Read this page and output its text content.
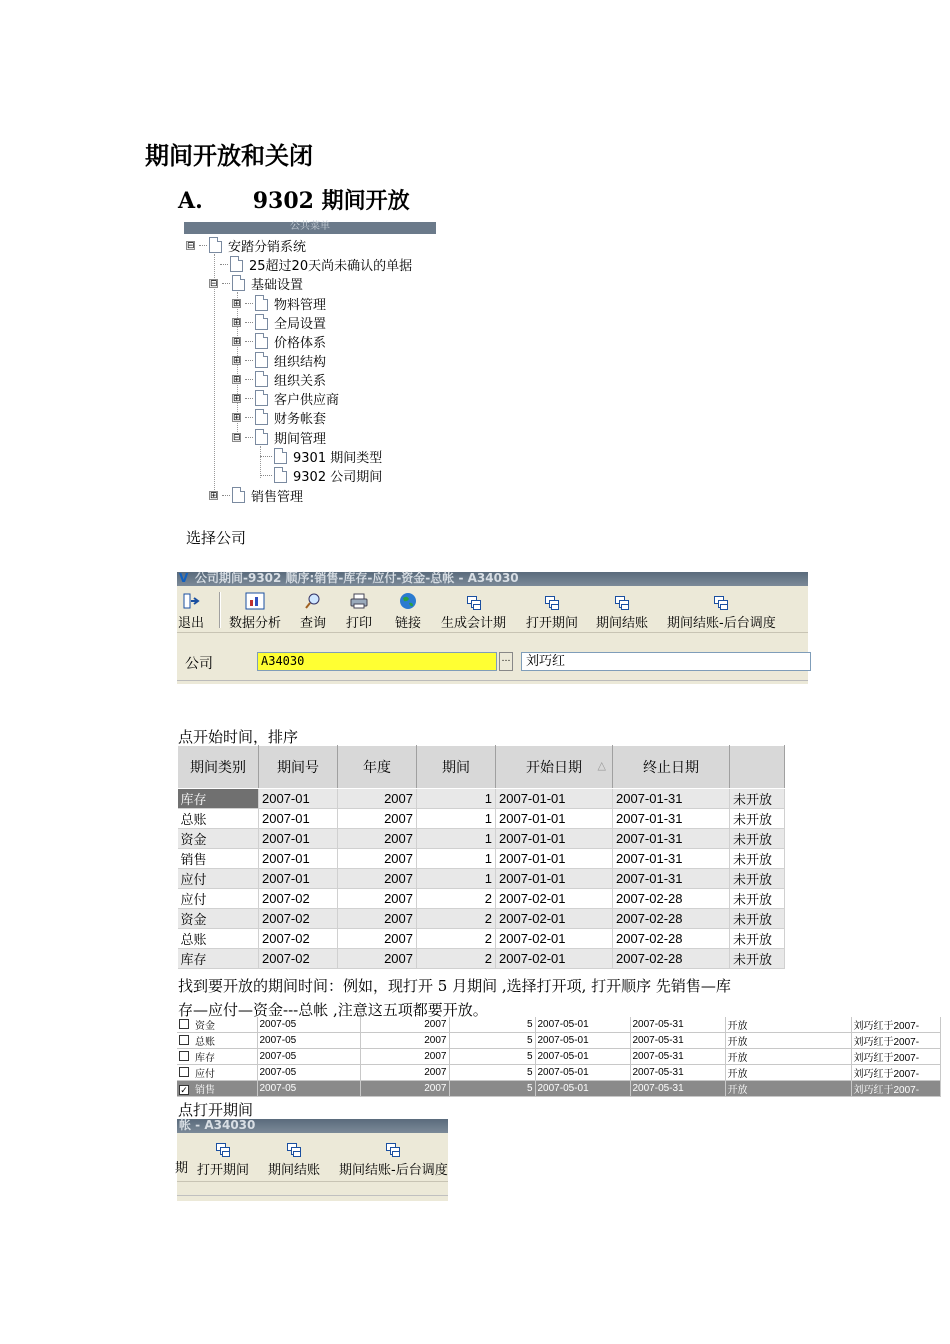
期间开放和关闭
A. 9302 期间开放
公共菜单
⊟	安踏分销系统
25超过20天尚未确认的单据
⊟	基础设置
⊞	物料管理
⊞	全局设置
⊞	价格体系
⊞	组织结构
⊞	组织关系
⊞	客户供应商
⊞	财务帐套
⊟	期间管理
9301 期间类型
9302 公司期间
⊞	销售管理
选择公司
V 公司期间-9302 顺序:销售-库存-应付-资金-总帐 - A34030
退出 数据分析 查询 打印 链接 生成会计期 打开期间 期间结账 期间结账-后台调度
公司	A34030	…	刘巧红
点开始时间，排序
期间类别	期间号	年度	期间	开始日期 △	终止日期	
库存	2007-01	2007	1	2007-01-01	2007-01-31	未开放
总账	2007-01	2007	1	2007-01-01	2007-01-31	未开放
资金	2007-01	2007	1	2007-01-01	2007-01-31	未开放
销售	2007-01	2007	1	2007-01-01	2007-01-31	未开放
应付	2007-01	2007	1	2007-01-01	2007-01-31	未开放
应付	2007-02	2007	2	2007-02-01	2007-02-28	未开放
资金	2007-02	2007	2	2007-02-01	2007-02-28	未开放
总账	2007-02	2007	2	2007-02-01	2007-02-28	未开放
库存	2007-02	2007	2	2007-02-01	2007-02-28	未开放
找到要开放的期间时间：例如，现打开 5 月期间 ,选择打开项, 打开顺序 先销售—库
存—应付—资金---总帐 ,注意这五项都要开放。
资金	2007-05	2007	5	2007-05-01	2007-05-31	开放	刘巧红于2007-
总账	2007-05	2007	5	2007-05-01	2007-05-31	开放	刘巧红于2007-
库存	2007-05	2007	5	2007-05-01	2007-05-31	开放	刘巧红于2007-
应付	2007-05	2007	5	2007-05-01	2007-05-31	开放	刘巧红于2007-
✓ 销售	2007-05	2007	5	2007-05-01	2007-05-31	开放	刘巧红于2007-
点打开期间
帐 - A34030
期 打开期间 期间结账 期间结账-后台调度
